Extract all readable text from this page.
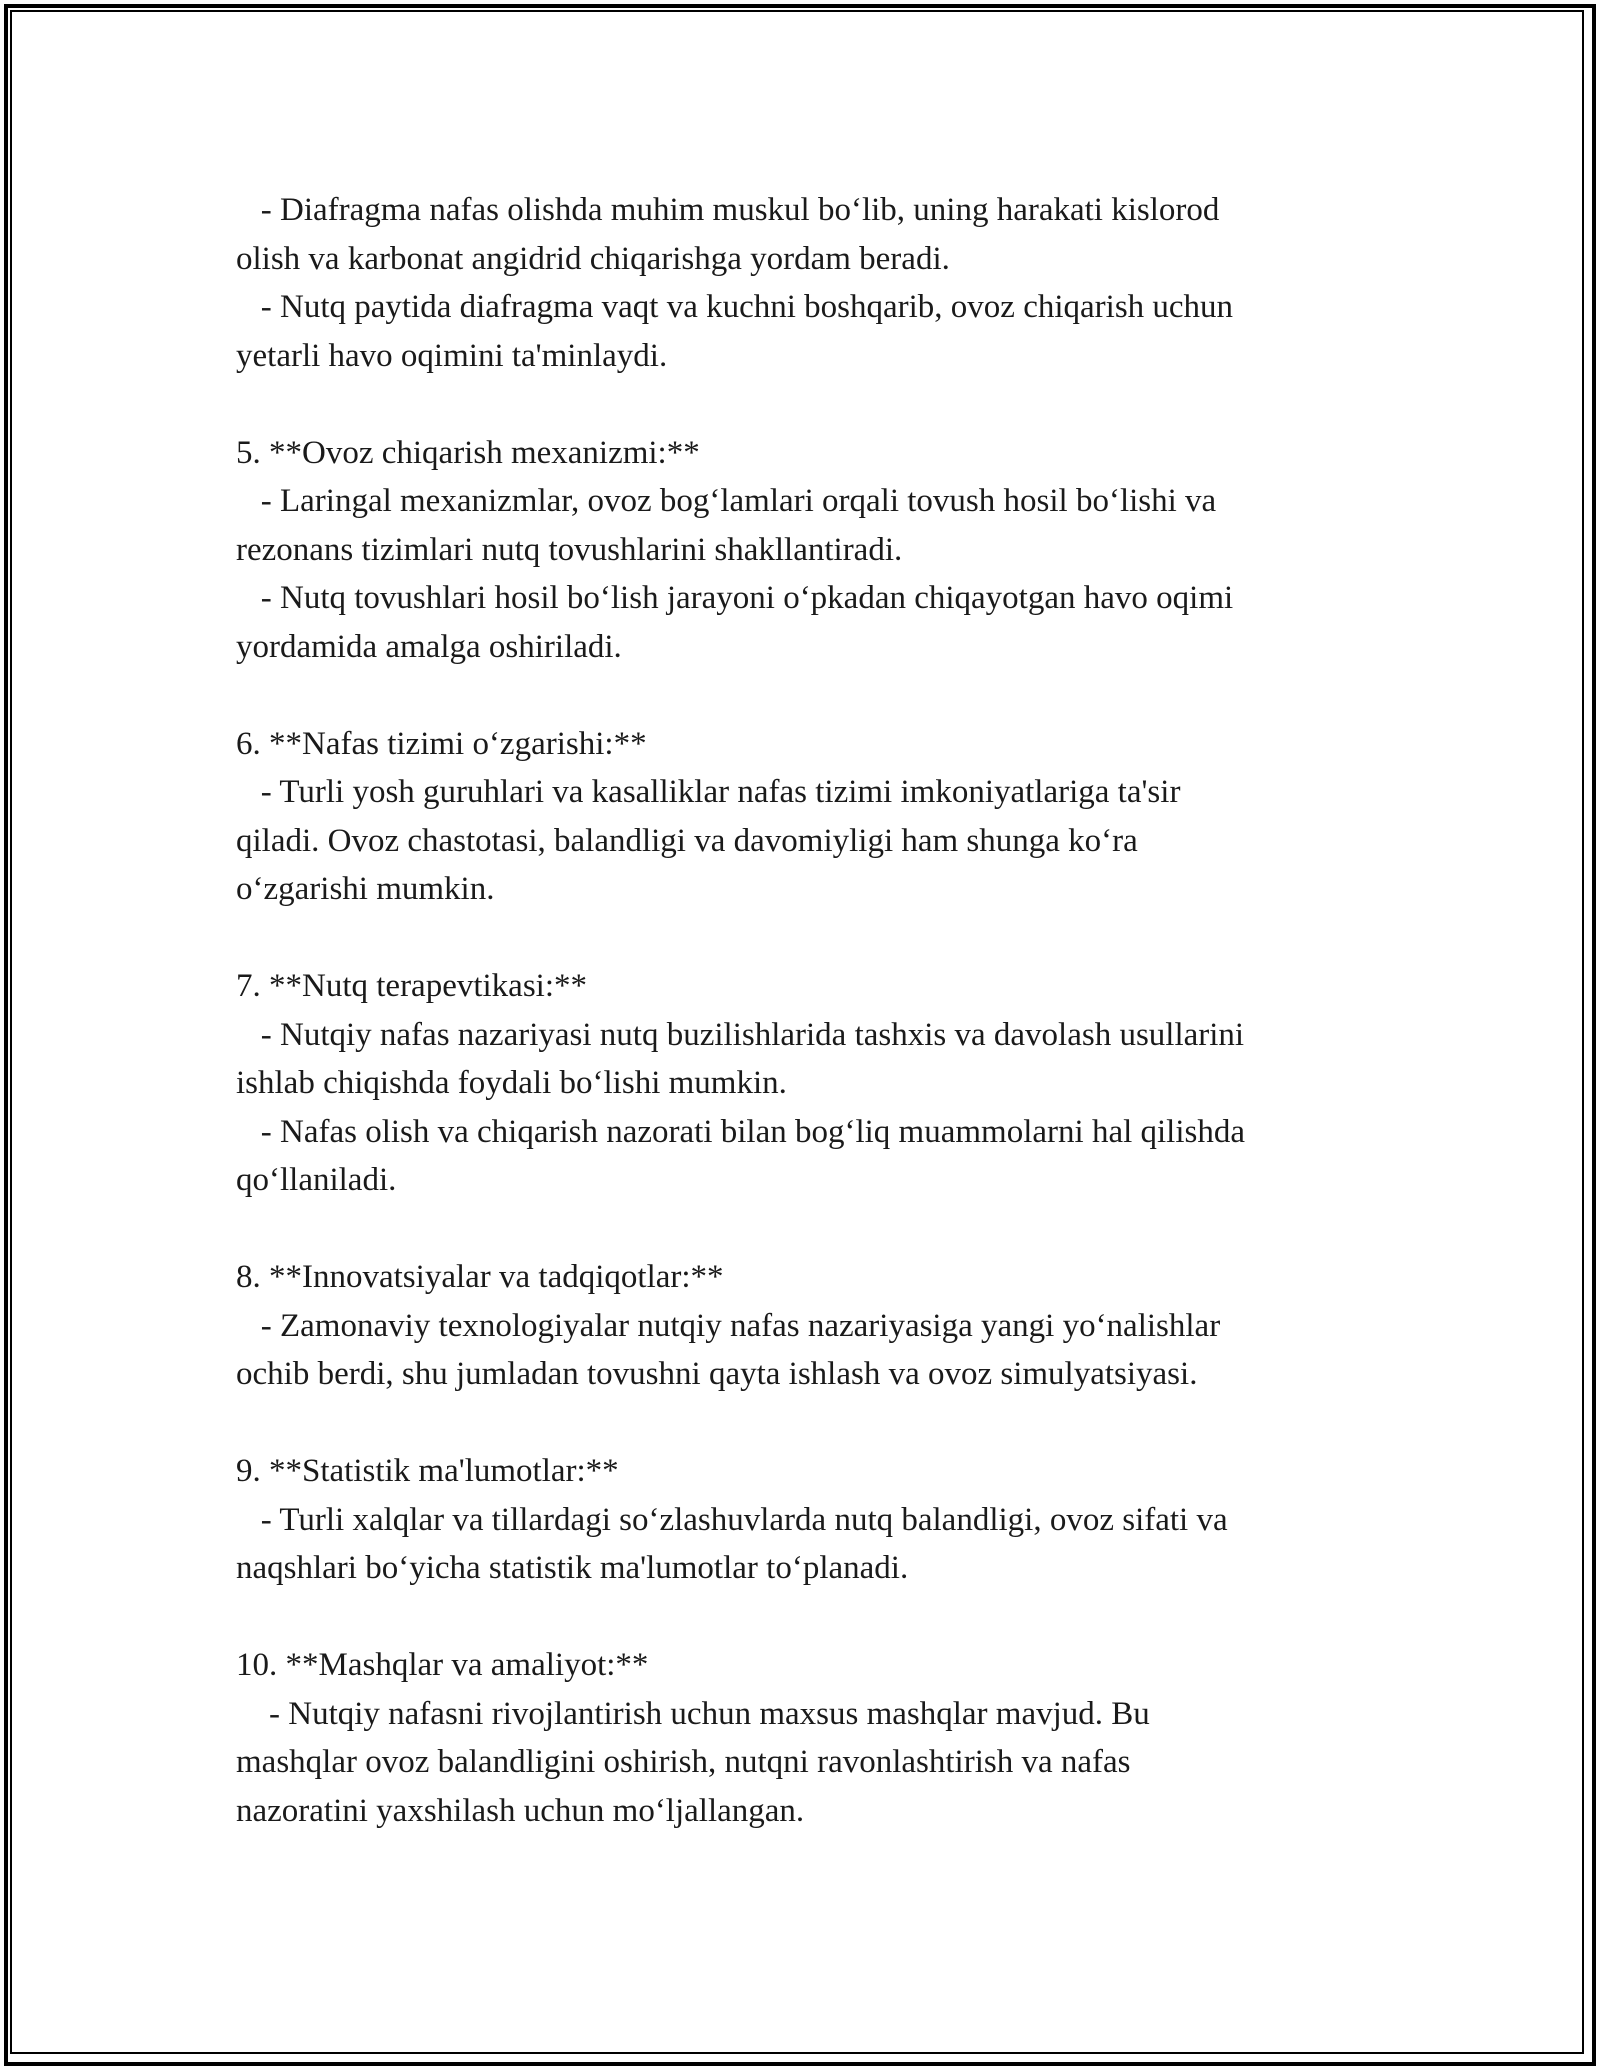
- Diafragma nafas olishda muhim muskul bo‘lib, uning harakati kislorod
olish va karbonat angidrid chiqarishga yordam beradi.
- Nutq paytida diafragma vaqt va kuchni boshqarib, ovoz chiqarish uchun
yetarli havo oqimini ta'minlaydi.
5. **Ovoz chiqarish mexanizmi:**
- Laringal mexanizmlar, ovoz bog‘lamlari orqali tovush hosil bo‘lishi va
rezonans tizimlari nutq tovushlarini shakllantiradi.
- Nutq tovushlari hosil bo‘lish jarayoni o‘pkadan chiqayotgan havo oqimi
yordamida amalga oshiriladi.
6. **Nafas tizimi o‘zgarishi:**
- Turli yosh guruhlari va kasalliklar nafas tizimi imkoniyatlariga ta'sir
qiladi. Ovoz chastotasi, balandligi va davomiyligi ham shunga ko‘ra
o‘zgarishi mumkin.
7. **Nutq terapevtikasi:**
- Nutqiy nafas nazariyasi nutq buzilishlarida tashxis va davolash usullarini
ishlab chiqishda foydali bo‘lishi mumkin.
- Nafas olish va chiqarish nazorati bilan bog‘liq muammolarni hal qilishda
qo‘llaniladi.
8. **Innovatsiyalar va tadqiqotlar:**
- Zamonaviy texnologiyalar nutqiy nafas nazariyasiga yangi yo‘nalishlar
ochib berdi, shu jumladan tovushni qayta ishlash va ovoz simulyatsiyasi.
9. **Statistik ma'lumotlar:**
- Turli xalqlar va tillardagi so‘zlashuvlarda nutq balandligi, ovoz sifati va
naqshlari bo‘yicha statistik ma'lumotlar to‘planadi.
10. **Mashqlar va amaliyot:**
- Nutqiy nafasni rivojlantirish uchun maxsus mashqlar mavjud. Bu
mashqlar ovoz balandligini oshirish, nutqni ravonlashtirish va nafas
nazoratini yaxshilash uchun mo‘ljallangan.
